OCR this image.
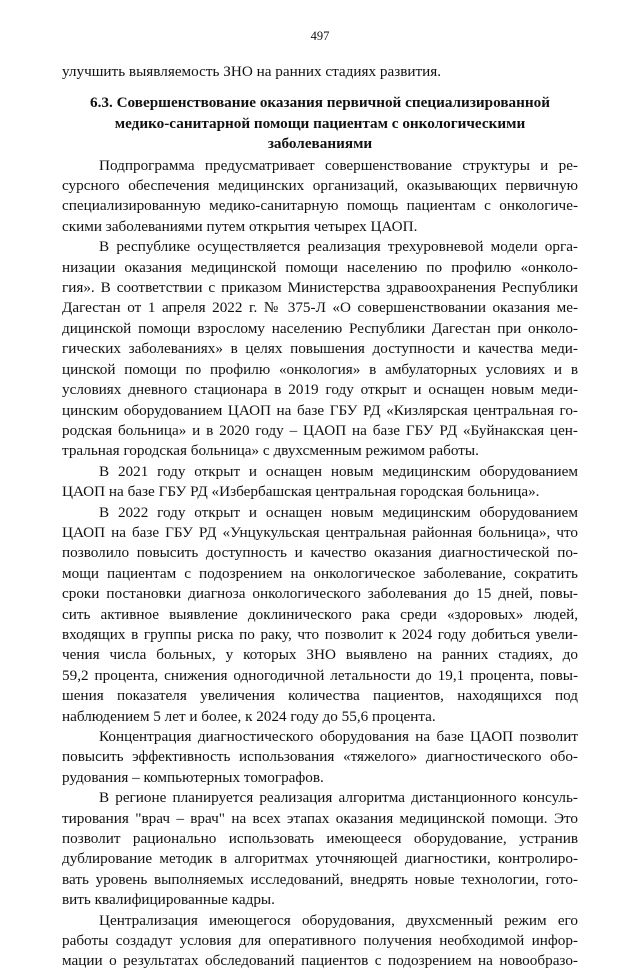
497
улучшить выявляемость ЗНО на ранних стадиях развития.
6.3. Совершенствование оказания первичной специализированной
медико-санитарной помощи пациентам с онкологическими
заболеваниями
Подпрограмма предусматривает совершенствование структуры и ре-
сурсного обеспечения медицинских организаций, оказывающих первичную
специализированную медико-санитарную помощь пациентам с онкологиче-
скими заболеваниями путем открытия четырех ЦАОП.
В республике осуществляется реализация трехуровневой модели орга-
низации оказания медицинской помощи населению по профилю «онколо-
гия». В соответствии с приказом Министерства здравоохранения Республики
Дагестан от 1 апреля 2022 г. № 375-Л «О совершенствовании оказания ме-
дицинской помощи взрослому населению Республики Дагестан при онколо-
гических заболеваниях» в целях повышения доступности и качества меди-
цинской помощи по профилю «онкология» в амбулаторных условиях и в
условиях дневного стационара в 2019 году открыт и оснащен новым меди-
цинским оборудованием ЦАОП на базе ГБУ РД «Кизлярская центральная го-
родская больница» и в 2020 году – ЦАОП на базе ГБУ РД «Буйнакская цен-
тральная городская больница» с двухсменным режимом работы.
В 2021 году открыт и оснащен новым медицинским оборудованием
ЦАОП на базе ГБУ РД «Избербашская центральная городская больница».
В 2022 году открыт и оснащен новым медицинским оборудованием
ЦАОП на базе ГБУ РД «Унцукульская центральная районная больница», что
позволило повысить доступность и качество оказания диагностической по-
мощи пациентам с подозрением на онкологическое заболевание, сократить
сроки постановки диагноза онкологического заболевания до 15 дней, повы-
сить активное выявление доклинического рака среди «здоровых» людей,
входящих в группы риска по раку, что позволит к 2024 году добиться увели-
чения числа больных, у которых ЗНО выявлено на ранних стадиях, до
59,2 процента, снижения одногодичной летальности до 19,1 процента, повы-
шения показателя увеличения количества пациентов, находящихся под
наблюдением 5 лет и более, к 2024 году до 55,6 процента.
Концентрация диагностического оборудования на базе ЦАОП позволит
повысить эффективность использования «тяжелого» диагностического обо-
рудования – компьютерных томографов.
В регионе планируется реализация алгоритма дистанционного консуль-
тирования "врач – врач" на всех этапах оказания медицинской помощи. Это
позволит рационально использовать имеющееся оборудование, устранив
дублирование методик в алгоритмах уточняющей диагностики, контролиро-
вать уровень выполняемых исследований, внедрять новые технологии, гото-
вить квалифицированные кадры.
Централизация имеющегося оборудования, двухсменный режим его
работы создадут условия для оперативного получения необходимой инфор-
мации о результатах обследований пациентов с подозрением на новообразо-
